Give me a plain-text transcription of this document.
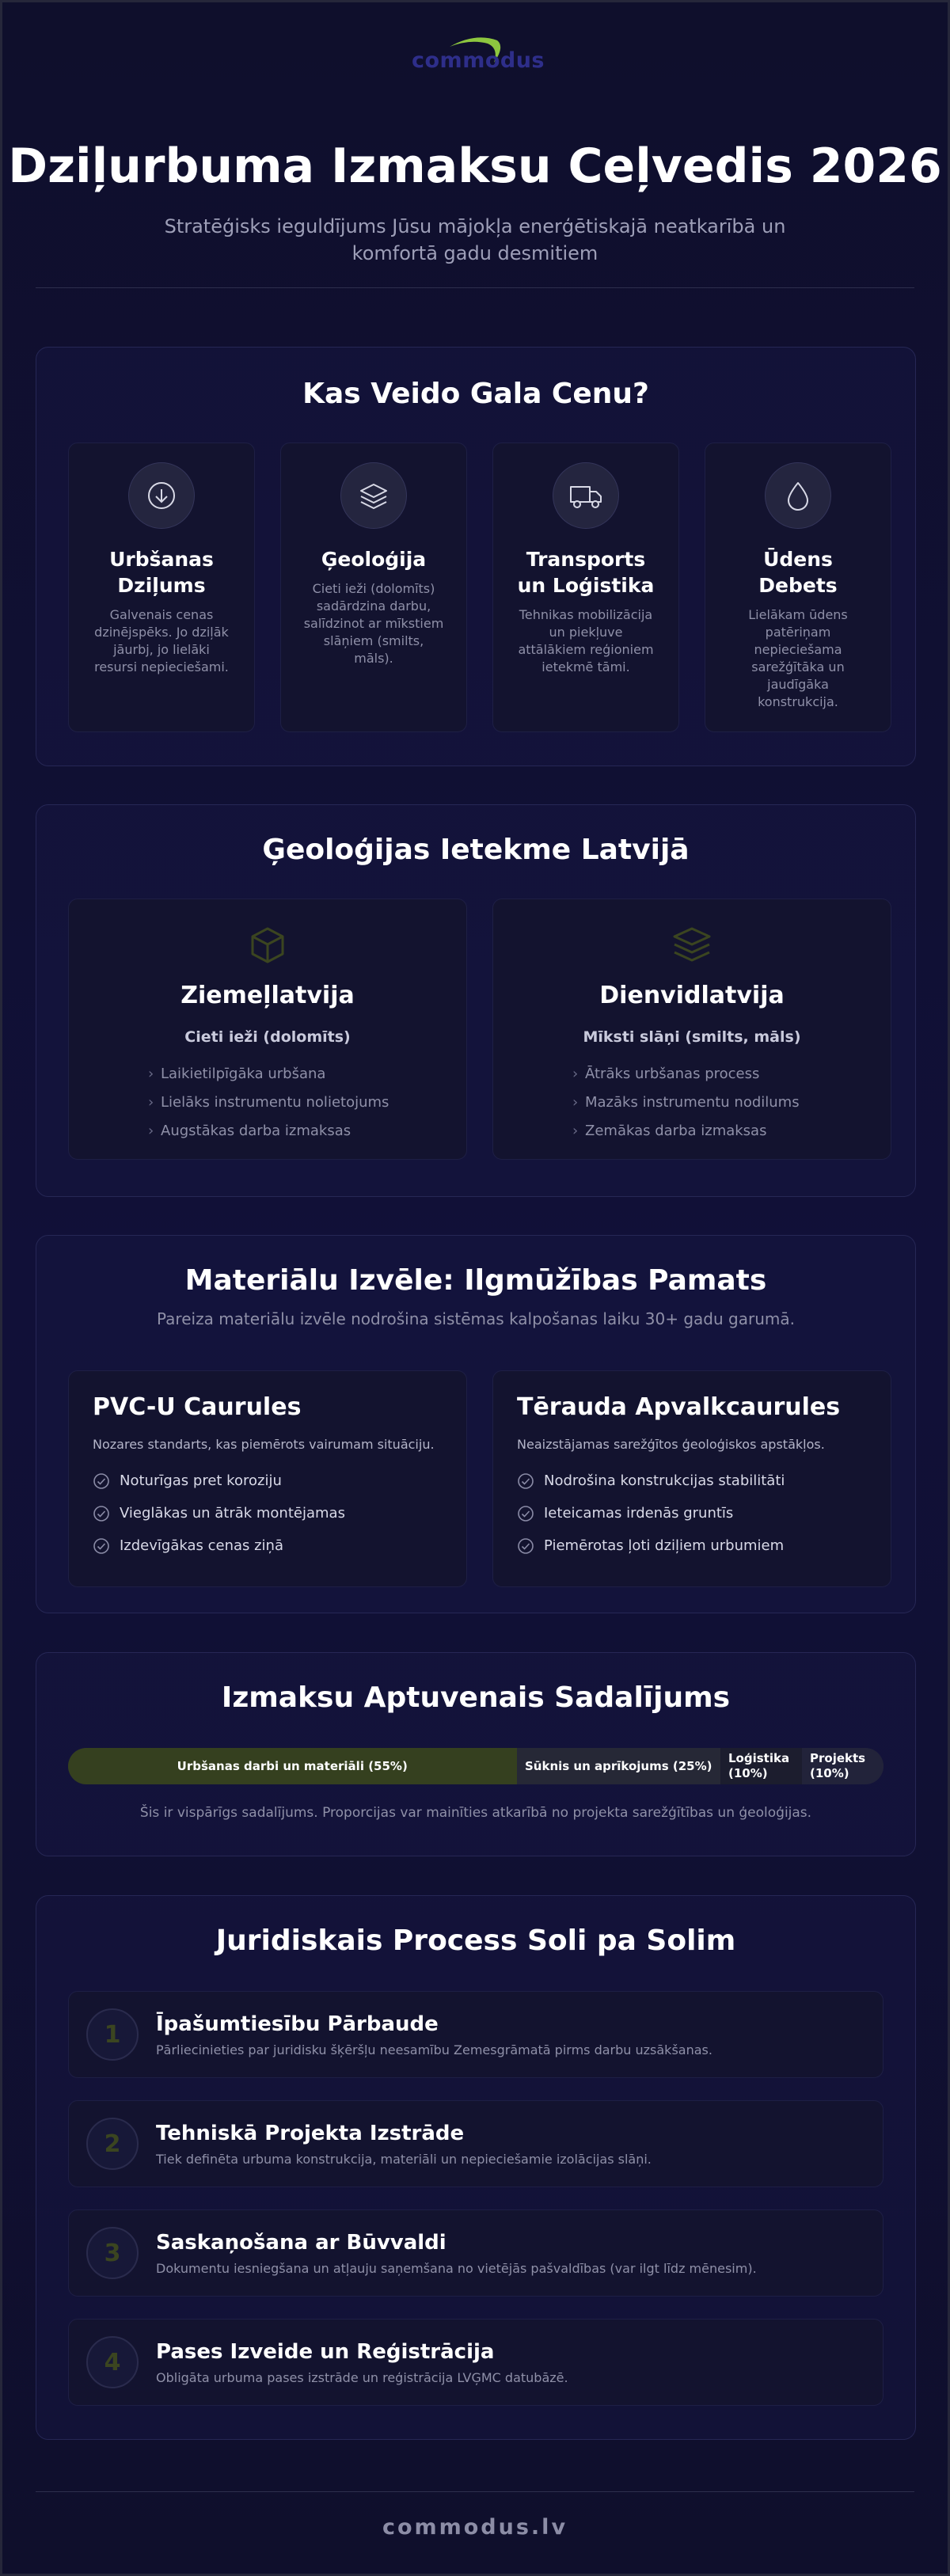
commodus
Dziļurbuma Izmaksu Ceļvedis 2026

Stratēģisks ieguldījums Jūsu mājokļa enerģētiskajā neatkarībā un komfortā gadu desmitiem

Kas Veido Gala Cenu?
Urbšanas Dziļums
Galvenais cenas dzinējspēks. Jo dziļāk jāurbj, jo lielāki resursi nepieciešami.
Ģeoloģija
Cieti ieži (dolomīts) sadārdzina darbu, salīdzinot ar mīkstiem slāņiem (smilts, māls).
Transports un Loģistika
Tehnikas mobilizācija un piekļuve attālākiem reģioniem ietekmē tāmi.
Ūdens Debets
Lielākam ūdens patēriņam nepieciešama sarežģītāka un jaudīgāka konstrukcija.
Ģeoloģijas Ietekme Latvijā
Ziemeļlatvija
Cieti ieži (dolomīts)
› Laikietilpīgāka urbšana
› Lielāks instrumentu nolietojums
› Augstākas darba izmaksas
Dienvidlatvija
Mīksti slāņi (smilts, māls)
› Ātrāks urbšanas process
› Mazāks instrumentu nodilums
› Zemākas darba izmaksas
Materiālu Izvēle: Ilgmūžības Pamats

Pareiza materiālu izvēle nodrošina sistēmas kalpošanas laiku 30+ gadu garumā.

PVC-U Caurules
Nozares standarts, kas piemērots vairumam situāciju.
Noturīgas pret koroziju
Vieglākas un ātrāk montējamas
Izdevīgākas cenas ziņā
Tērauda Apvalkcaurules
Neaizstājamas sarežģītos ģeoloģiskos apstākļos.
Nodrošina konstrukcijas stabilitāti
Ieteicamas irdenās gruntīs
Piemērotas ļoti dziļiem urbumiem
Izmaksu Aptuvenais Sadalījums
Urbšanas darbi un materiāli (55%)	Sūknis un aprīkojums (25%)
Loģistika
(10%)
Projekts
(10%)

Šis ir vispārīgs sadalījums. Proporcijas var mainīties atkarībā no projekta sarežģītības un ģeoloģijas.

Juridiskais Process Soli pa Solim
1	Īpašumtiesību Pārbaude
Pārliecinieties par juridisku šķēršļu neesamību Zemesgrāmatā pirms darbu uzsākšanas.
2	Tehniskā Projekta Izstrāde
Tiek definēta urbuma konstrukcija, materiāli un nepieciešamie izolācijas slāņi.
3	Saskaņošana ar Būvvaldi
Dokumentu iesniegšana un atļauju saņemšana no vietējās pašvaldības (var ilgt līdz mēnesim).
4	Pases Izveide un Reģistrācija
Obligāta urbuma pases izstrāde un reģistrācija LVĢMC datubāzē.
commodus.lv
